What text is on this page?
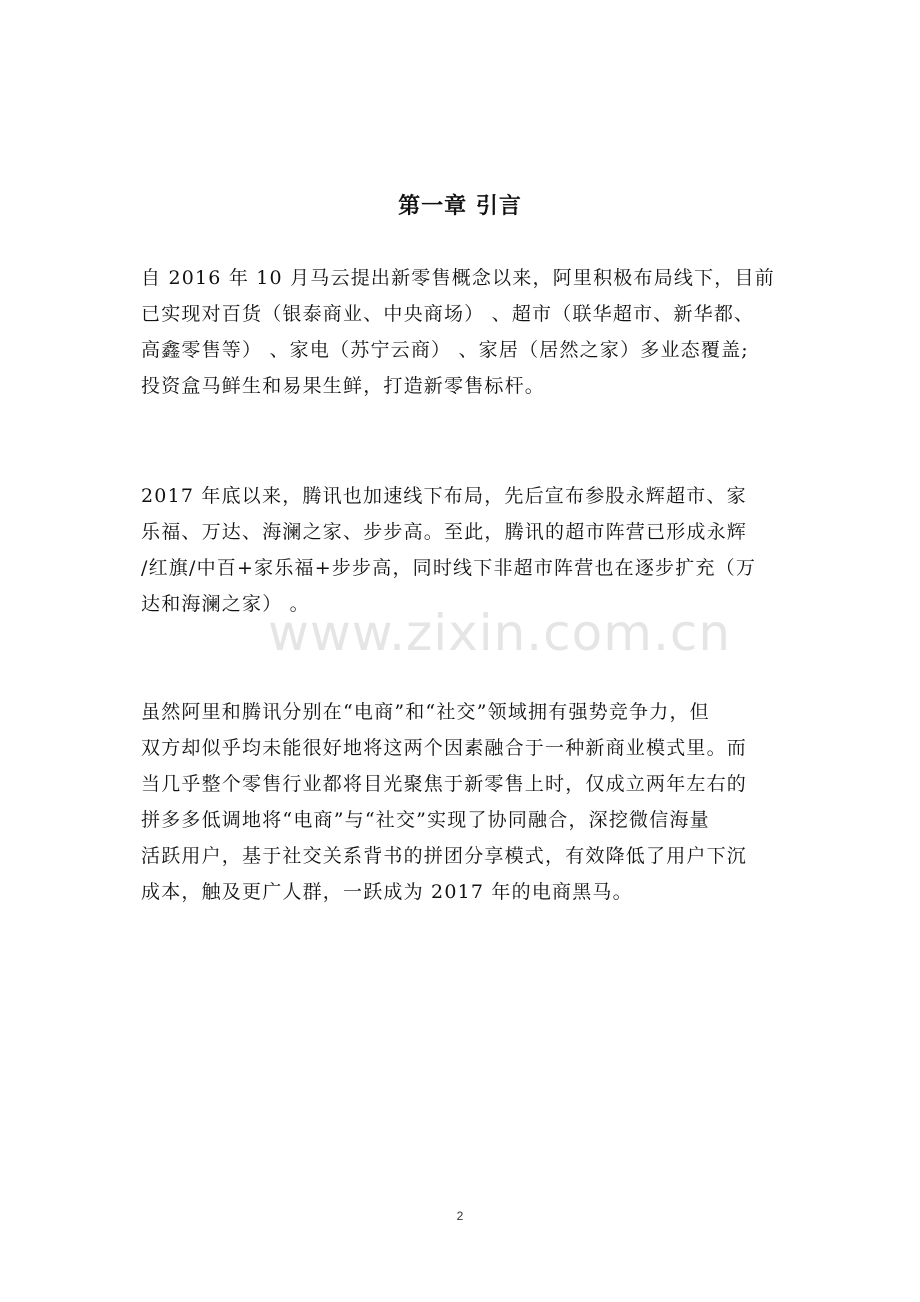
第一章 引言

自 2016 年 10 月马云提出新零售概念以来，阿里积极布局线下，目前
已实现对百货（银泰商业、中央商场） 、超市（联华超市、新华都、
高鑫零售等） 、家电（苏宁云商） 、家居（居然之家）多业态覆盖;
投资盒马鲜生和易果生鲜，打造新零售标杆。

2017 年底以来，腾讯也加速线下布局，先后宣布参股永辉超市、家
乐福、万达、海澜之家、步步高。至此，腾讯的超市阵营已形成永辉
/红旗/中百+家乐福+步步高，同时线下非超市阵营也在逐步扩充（万
达和海澜之家） 。

虽然阿里和腾讯分别在“电商”和“社交”领域拥有强势竞争力，但
双方却似乎均未能很好地将这两个因素融合于一种新商业模式里。而
当几乎整个零售行业都将目光聚焦于新零售上时，仅成立两年左右的
拼多多低调地将“电商”与“社交”实现了协同融合，深挖微信海量
活跃用户，基于社交关系背书的拼团分享模式，有效降低了用户下沉
成本，触及更广人群，一跃成为 2017 年的电商黑马。

www.zixin.com.cn
2
